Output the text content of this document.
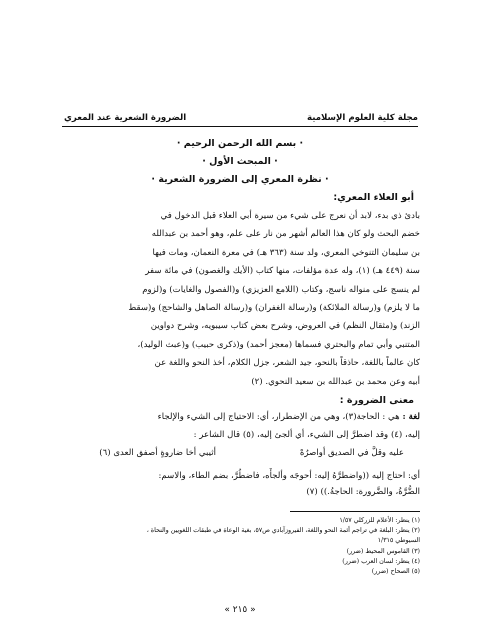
مجلة كلية العلوم الإسلامية
الضرورة الشعرية عند المعري
· بسم الله الرحمن الرحيم ·
· المبحث الأول ·
· نظرة المعري إلى الضرورة الشعرية ·
أبو العلاء المعري:

بادئ ذي بدء، لابد أن نعرج على شيء من سيرة أبي العلاء قبل الدخول في

خضم البحث ولو كان هذا العالم أشهر من نار على علم، وهو أحمد بن عبدالله

بن سليمان التنوخي المعري، ولد سنة (٣٦٣ هـ) في معرة النعمان، ومات فيها

سنة (٤٤٩ هـ) (١)، وله عدة مؤلفات، منها كتاب (الأيك والغصون) في مائة سفر

لم ينسج على منواله ناسج، وكتاب (اللامع العزيزي) و(الفصول والغايات) و(لزوم

ما لا يلزم) و(رسالة الملائكة) و(رسالة الغفران) و(رسالة الصاهل والشاحج) و(سقط

الزند) و(مثقال النظم) في العروض، وشرح بعض كتاب سيبويه، وشرح دواوين

المتنبي وأبي تمام والبحتري فسماها (معجز أحمد) و(ذكرى حبيب) و(عبث الوليد)،

كان عالماً باللغة، حاذقاً بالنحو، جيد الشعر، جزل الكلام، أخذ النحو واللغة عن

أبيه وعن محمد بن عبدالله بن سعيد النحوي. (٢)

معنى الضرورة :

لغة : هي : الحاجة(٣)، وهي من الإضطرار، أي: الاحتياج إلى الشيء والإلجاء

إليه، (٤) وقد اضطرَّ إلى الشيء، أي ألجئ إليه، (٥) قال الشاعر :

عليه وقلَّ في الصديق أواصرُهْ
أثيبي أخا ضاروةٍ أصفق العدى (٦)

أي: احتاج إليه ((واضطرَّهُ إليه: أحوجَه وألجأَه، فاضطُرَّ، بضم الطاء، والاسم:

الضُّرَّةُ، والضَّرورة: الحاجةُ.)) (٧)

(١) ينظر: الأعلام للزركلي ١/٥٧

(٢) ينظر: البلغة في تراجم أئمة النحو واللغة، الفيروزآبادي ص٥٧، بغية الوعاة في طبقات اللغويين والنحاة ،

السيوطي ١/٣١٥

(٣) القاموس المحيط (ضرر)

(٤) ينظر: لسان العرب (ضرر)

(٥) الصحاح (ضرر)

« ٢١٥ »
